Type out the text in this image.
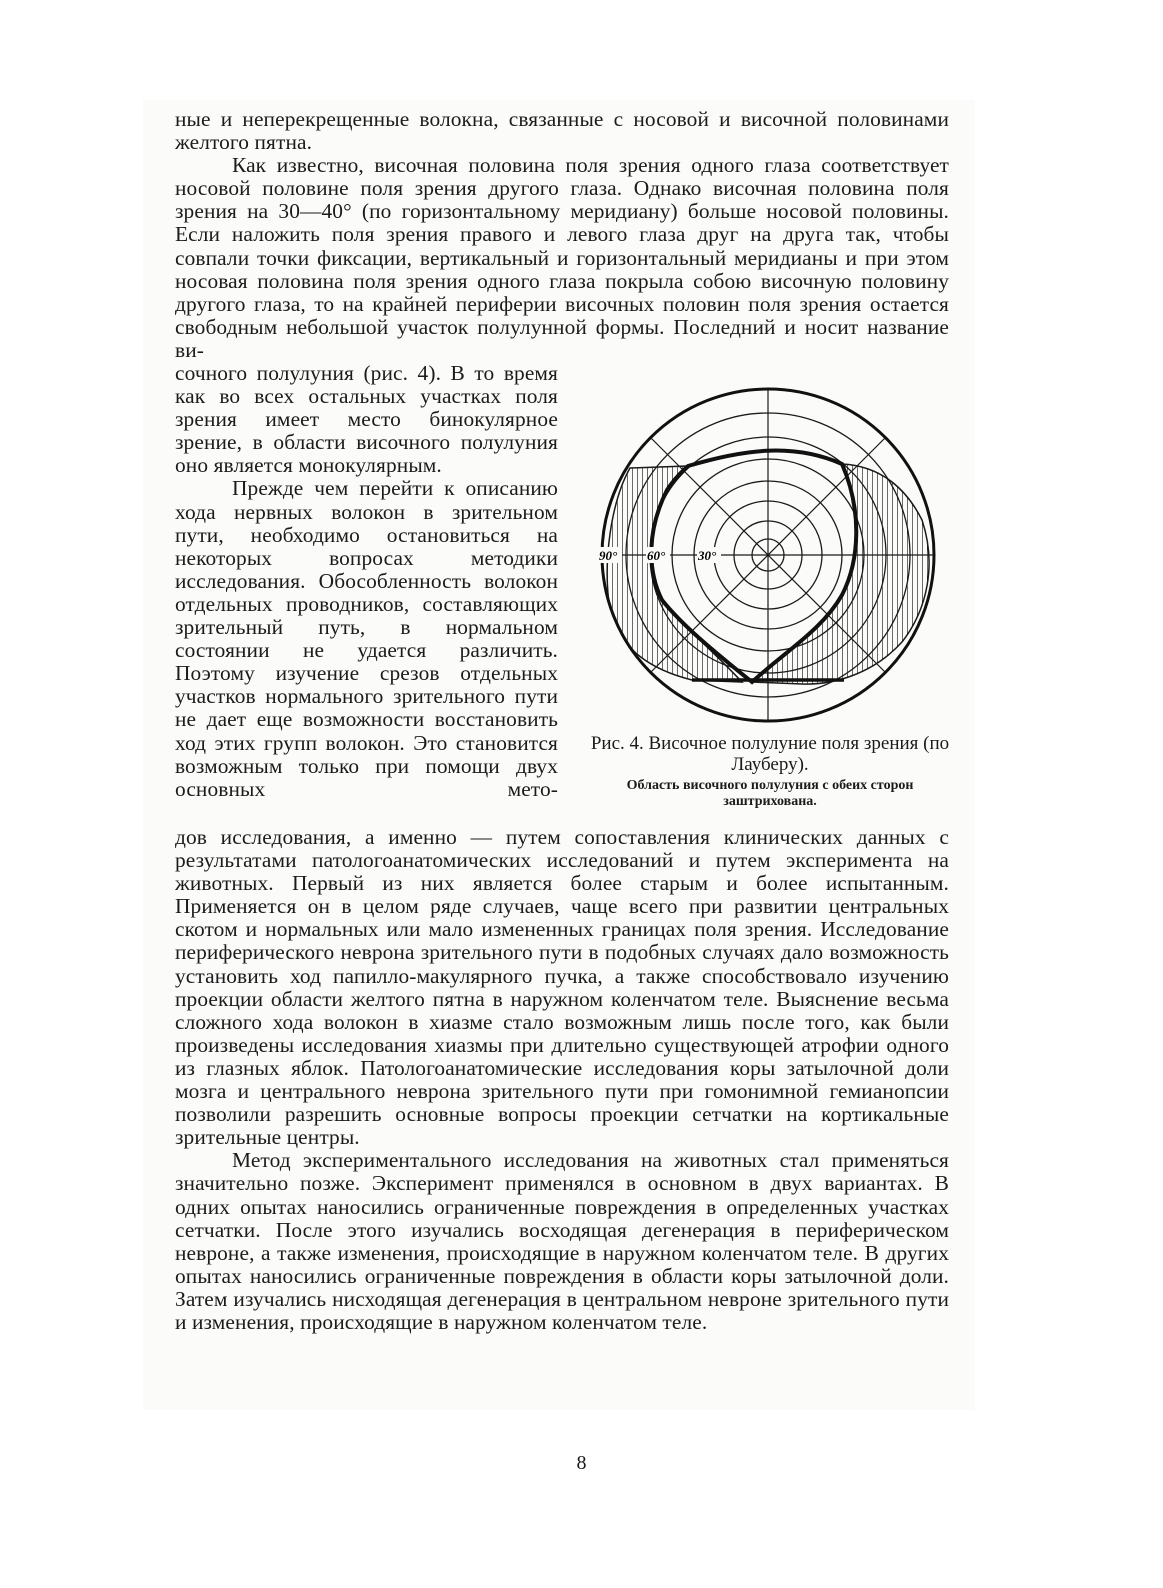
ные и неперекрещенные волокна, связанные с носовой и височной половинами желтого пятна.

Как известно, височная половина поля зрения одного глаза соответствует носовой половине поля зрения другого глаза. Однако височная половина поля зрения на 30—40° (по горизонтальному меридиану) больше носовой половины. Если наложить поля зрения правого и левого глаза друг на друга так, чтобы совпали точки фиксации, вертикальный и горизонтальный меридианы и при этом носовая половина поля зрения одного глаза покрыла собою височную половину другого глаза, то на крайней периферии височных половин поля зрения остается свободным небольшой участок полулунной формы. Последний и носит название ви-

сочного полулуния (рис. 4). В то время как во всех остальных участках поля зрения имеет место бинокулярное зрение, в области височного полулуния оно является монокулярным.

Прежде чем перейти к описанию хода нервных волокон в зрительном пути, необходимо остановиться на некоторых вопросах методики исследования. Обособленность волокон отдельных проводников, составляющих зрительный путь, в нормальном состоянии не удается различить. Поэтому изучение срезов отдельных участков нормального зрительного пути не дает еще возможности восстановить ход этих групп волокон. Это становится возможным только при помощи двух основных мето-

90° 60°	30°
Рис. 4. Височное полулуние поля зрения (по Лауберу).
Область височного полулуния с обеих сторон заштрихована.

дов исследования, а именно — путем сопоставления клинических данных с результатами патологоанатомических исследований и путем эксперимента на животных. Первый из них является более старым и более испытанным. Применяется он в целом ряде случаев, чаще всего при развитии центральных скотом и нормальных или мало измененных границах поля зрения. Исследование периферического неврона зрительного пути в подобных случаях дало возможность установить ход папилло-макулярного пучка, а также способствовало изучению проекции области желтого пятна в наружном коленчатом теле. Выяснение весьма сложного хода волокон в хиазме стало возможным лишь после того, как были произведены исследования хиазмы при длительно существующей атрофии одного из глазных яблок. Патологоанатомические исследования коры затылочной доли мозга и центрального неврона зрительного пути при гомонимной гемианопсии позволили разрешить основные вопросы проекции сетчатки на кортикальные зрительные центры.

Метод экспериментального исследования на животных стал применяться значительно позже. Эксперимент применялся в основном в двух вариантах. В одних опытах наносились ограниченные повреждения в определенных участках сетчатки. После этого изучались восходящая дегенерация в периферическом невроне, а также изменения, происходящие в наружном коленчатом теле. В других опытах наносились ограниченные повреждения в области коры затылочной доли. Затем изучались нисходящая дегенерация в центральном невроне зрительного пути и изменения, происходящие в наружном коленчатом теле.

8
